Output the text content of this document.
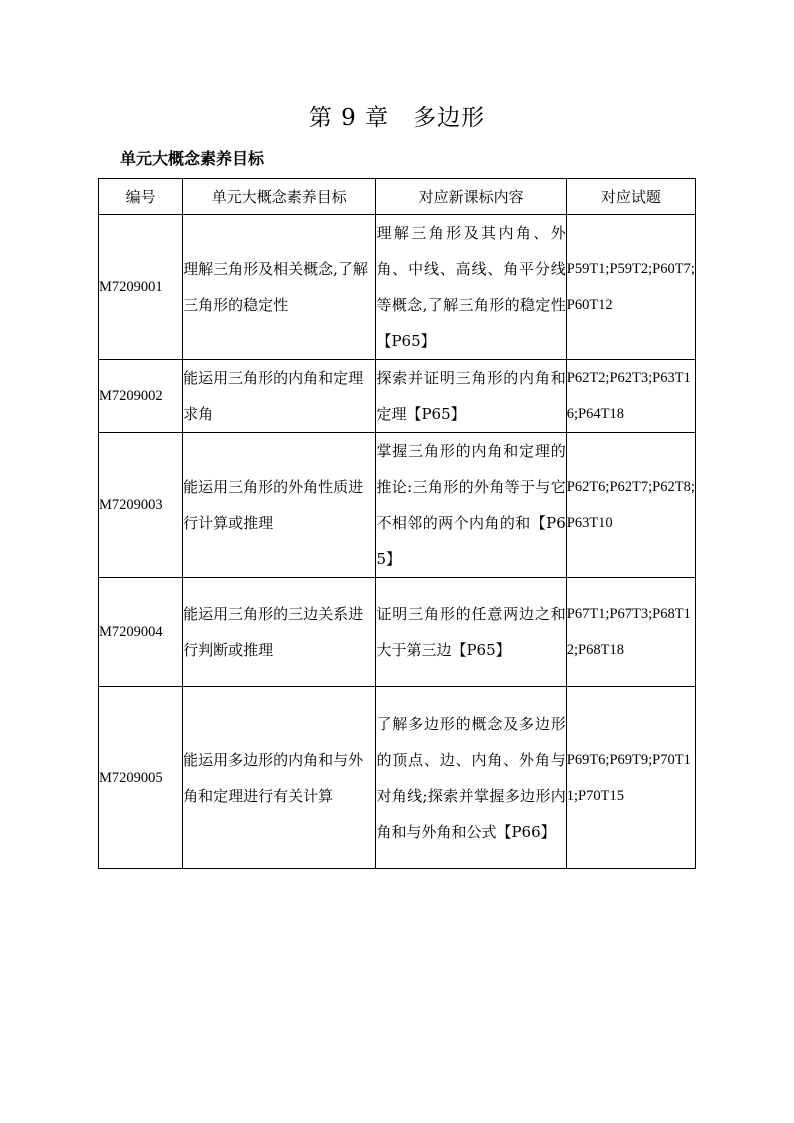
第 9 章　多边形
单元大概念素养目标
编号	单元大概念素养目标	对应新课标内容	对应试题
M7209001	理解三角形及相关概念,了解三角形的稳定性	理解三角形及其内角、外角、中线、高线、角平分线等概念,了解三角形的稳定性【P65】	P59T1;P59T2;P60T7;P60T12
M7209002	能运用三角形的内角和定理求角	探索并证明三角形的内角和定理【P65】	P62T2;P62T3;P63T16;P64T18
M7209003	能运用三角形的外角性质进行计算或推理	掌握三角形的内角和定理的推论:三角形的外角等于与它不相邻的两个内角的和【P65】	P62T6;P62T7;P62T8;P63T10
M7209004	能运用三角形的三边关系进行判断或推理	证明三角形的任意两边之和大于第三边【P65】	P67T1;P67T3;P68T12;P68T18
M7209005	能运用多边形的内角和与外角和定理进行有关计算	了解多边形的概念及多边形的顶点、边、内角、外角与对角线;探索并掌握多边形内角和与外角和公式【P66】	P69T6;P69T9;P70T11;P70T15
